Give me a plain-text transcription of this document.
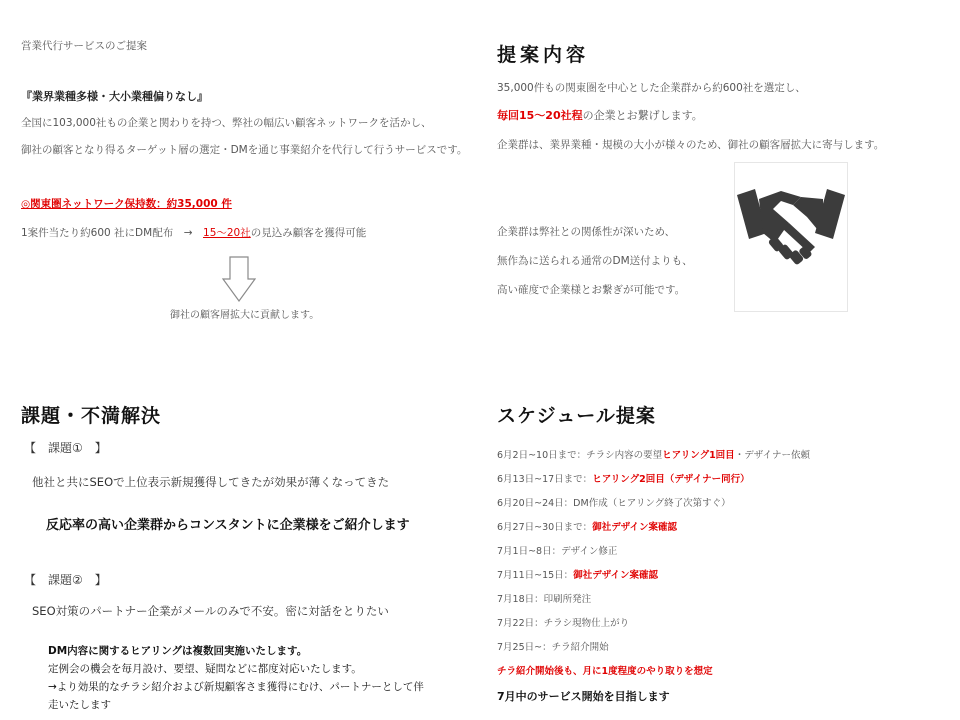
営業代行サービスのご提案
『業界業種多様・大小業種偏りなし』
全国に103,000社もの企業と関わりを持つ、弊社の幅広い顧客ネットワークを活かし、
御社の顧客となり得るターゲット層の選定・DMを通じ事業紹介を代行して行うサービスです。
◎関東圏ネットワーク保持数：約35,000 件
1案件当たり約600 社にDM配布　→　15～20社の見込み顧客を獲得可能
御社の顧客層拡大に貢献します。
提案内容
35,000件もの関東圏を中心とした企業群から約600社を選定し、
毎回15～20社程の企業とお繋げします。
企業群は、業界業種・規模の大小が様々のため、御社の顧客層拡大に寄与します。
企業群は弊社との関係性が深いため、
無作為に送られる通常のDM送付よりも、
高い確度で企業様とお繋ぎが可能です。
課題・不満解決
【　課題①　】
他社と共にSEOで上位表示新規獲得してきたが効果が薄くなってきた
反応率の高い企業群からコンスタントに企業様をご紹介します
【　課題②　】
SEO対策のパートナー企業がメールのみで不安。密に対話をとりたい
DM内容に関するヒアリングは複数回実施いたします。
定例会の機会を毎月設け、要望、疑問などに都度対応いたします。
→より効果的なチラシ紹介および新規顧客さま獲得にむけ、パートナーとして伴
走いたします
スケジュール提案
6月2日~10日まで：チラシ内容の要望ヒアリング1回目・デザイナー依頼
6月13日~17日まで：ヒアリング2回目（デザイナー同行）
6月20日~24日：DM作成（ヒアリング終了次第すぐ）
6月27日~30日まで：御社デザイン案確認
7月1日~8日：デザイン修正
7月11日~15日：御社デザイン案確認
7月18日：印刷所発注
7月22日：チラシ現物仕上がり
7月25日~：チラ紹介開始
チラ紹介開始後も、月に1度程度のやり取りを想定
7月中のサービス開始を目指します
